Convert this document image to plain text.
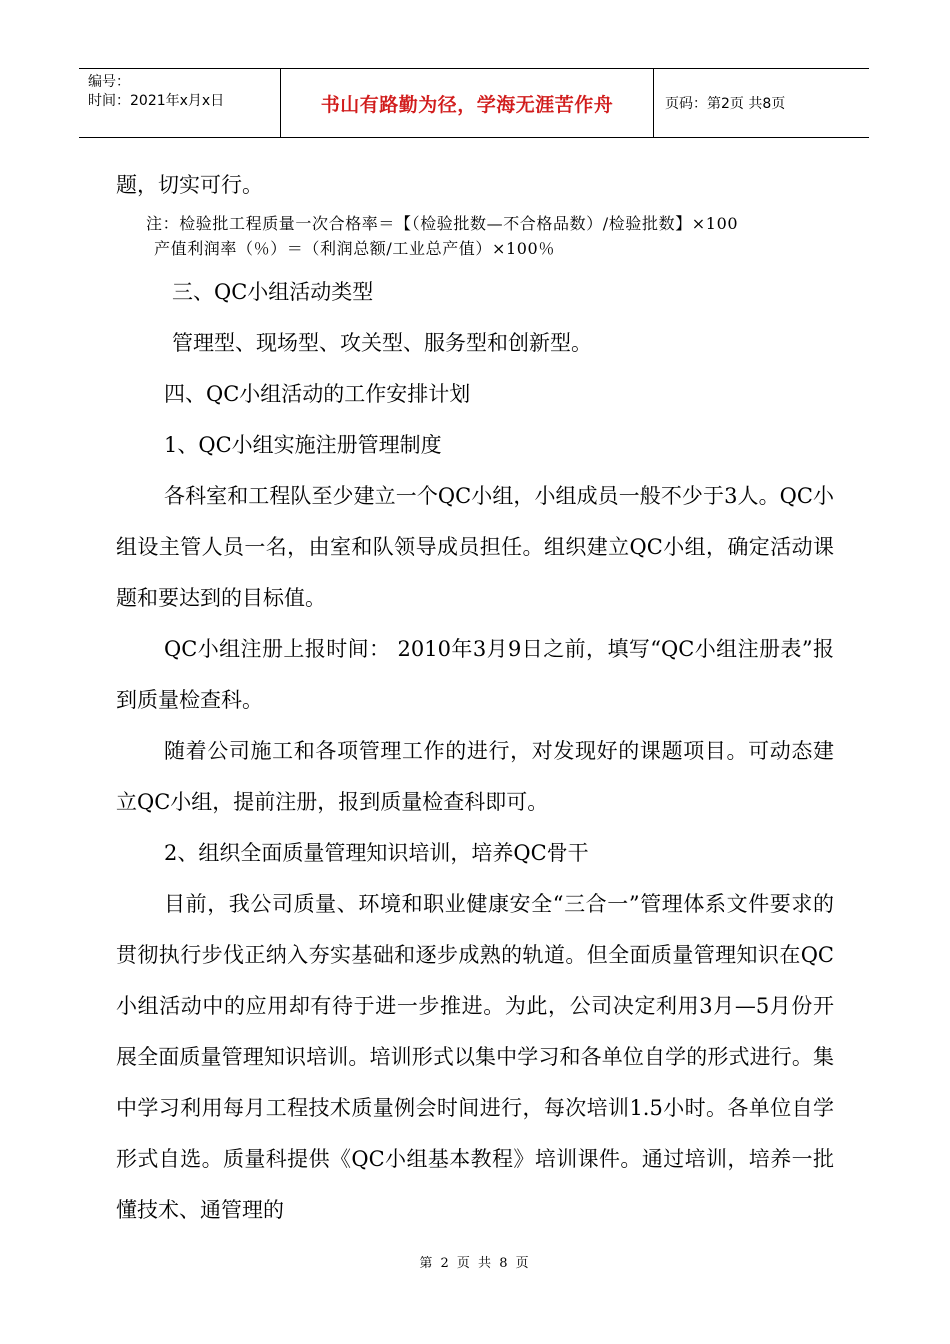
编号：
时间：2021年x月x日	书山有路勤为径，学海无涯苦作舟	页码：第2页 共8页

题，切实可行。

注：检验批工程质量一次合格率＝【（检验批数—不合格品数）/检验批数】×100

产值利润率（％）＝（利润总额/工业总产值）×100％

三、QC小组活动类型

管理型、现场型、攻关型、服务型和创新型。

四、QC小组活动的工作安排计划

1、QC小组实施注册管理制度

各科室和工程队至少建立一个QC小组，小组成员一般不少于3人。QC小组设主管人员一名，由室和队领导成员担任。组织建立QC小组，确定活动课题和要达到的目标值。

QC小组注册上报时间： 2010年3月9日之前，填写“QC小组注册表”报到质量检查科。

随着公司施工和各项管理工作的进行，对发现好的课题项目。可动态建立QC小组，提前注册，报到质量检查科即可。

2、组织全面质量管理知识培训，培养QC骨干

目前，我公司质量、环境和职业健康安全“三合一”管理体系文件要求的贯彻执行步伐正纳入夯实基础和逐步成熟的轨道。但全面质量管理知识在QC小组活动中的应用却有待于进一步推进。为此，公司决定利用3月—5月份开展全面质量管理知识培训。培训形式以集中学习和各单位自学的形式进行。集中学习利用每月工程技术质量例会时间进行，每次培训1.5小时。各单位自学形式自选。质量科提供《QC小组基本教程》培训课件。通过培训，培养一批懂技术、通管理的

第 2 页 共 8 页
